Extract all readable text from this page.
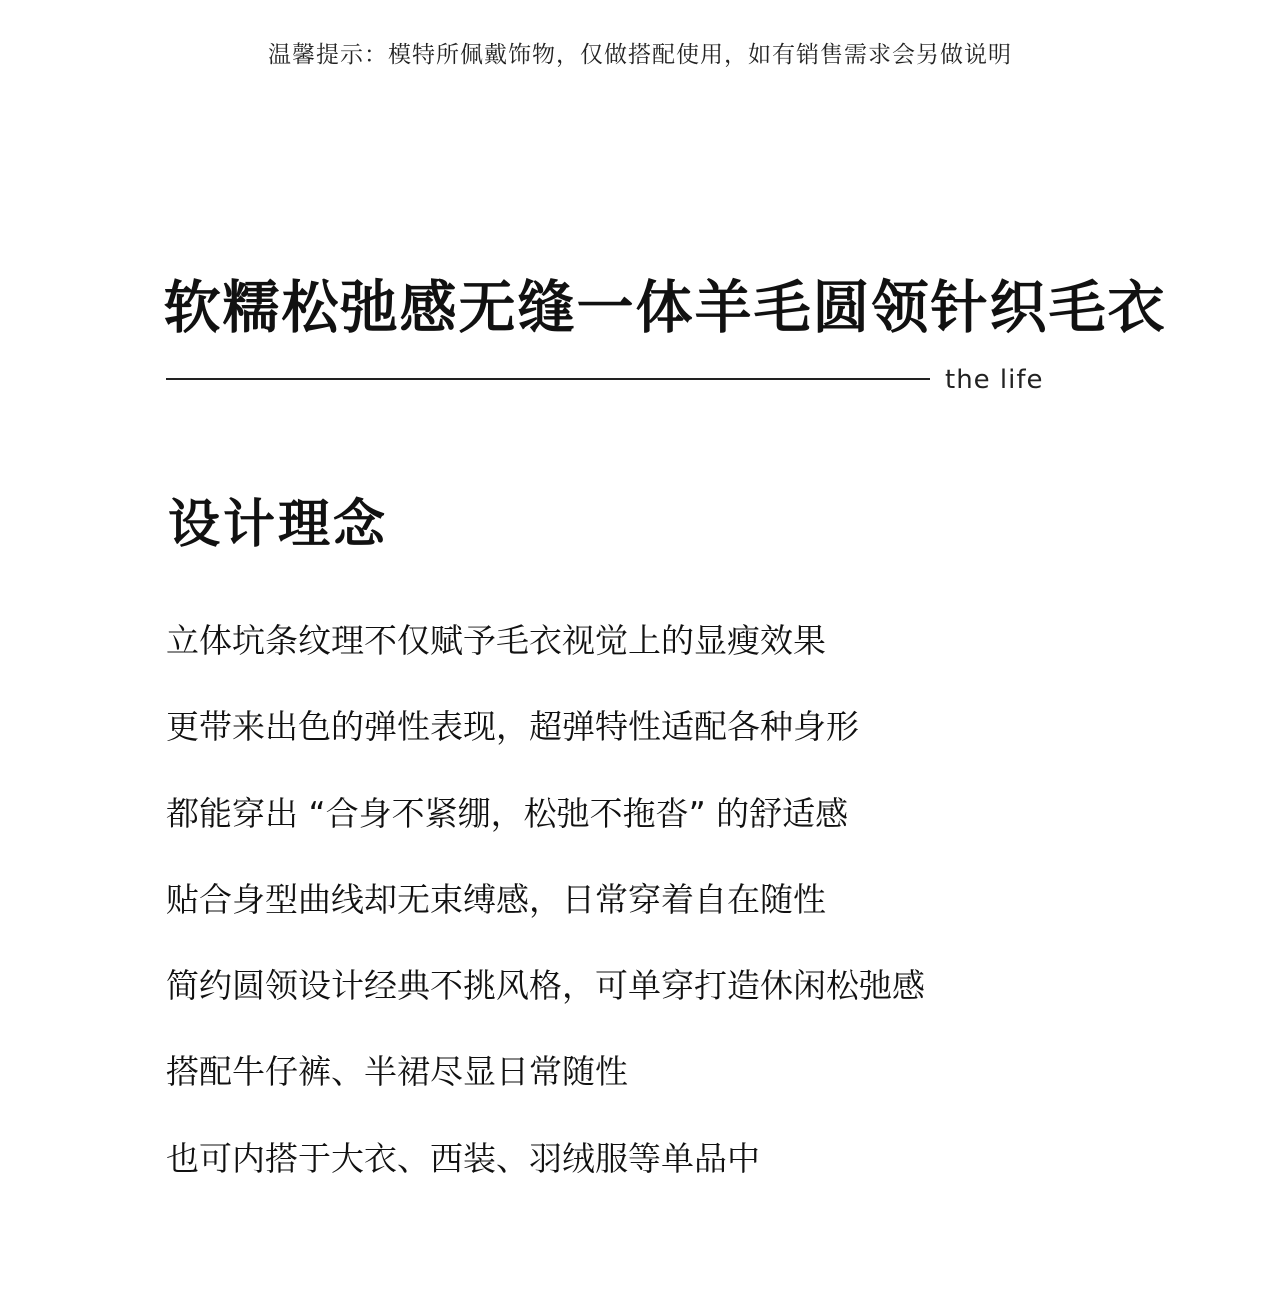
温馨提示：模特所佩戴饰物，仅做搭配使用，如有销售需求会另做说明
软糯松弛感无缝一体羊毛圆领针织毛衣
the life
设计理念
立体坑条纹理不仅赋予毛衣视觉上的显瘦效果
更带来出色的弹性表现，超弹特性适配各种身形
都能穿出 “合身不紧绷，松弛不拖沓” 的舒适感
贴合身型曲线却无束缚感，日常穿着自在随性
简约圆领设计经典不挑风格，可单穿打造休闲松弛感
搭配牛仔裤、半裙尽显日常随性
也可内搭于大衣、西装、羽绒服等单品中
